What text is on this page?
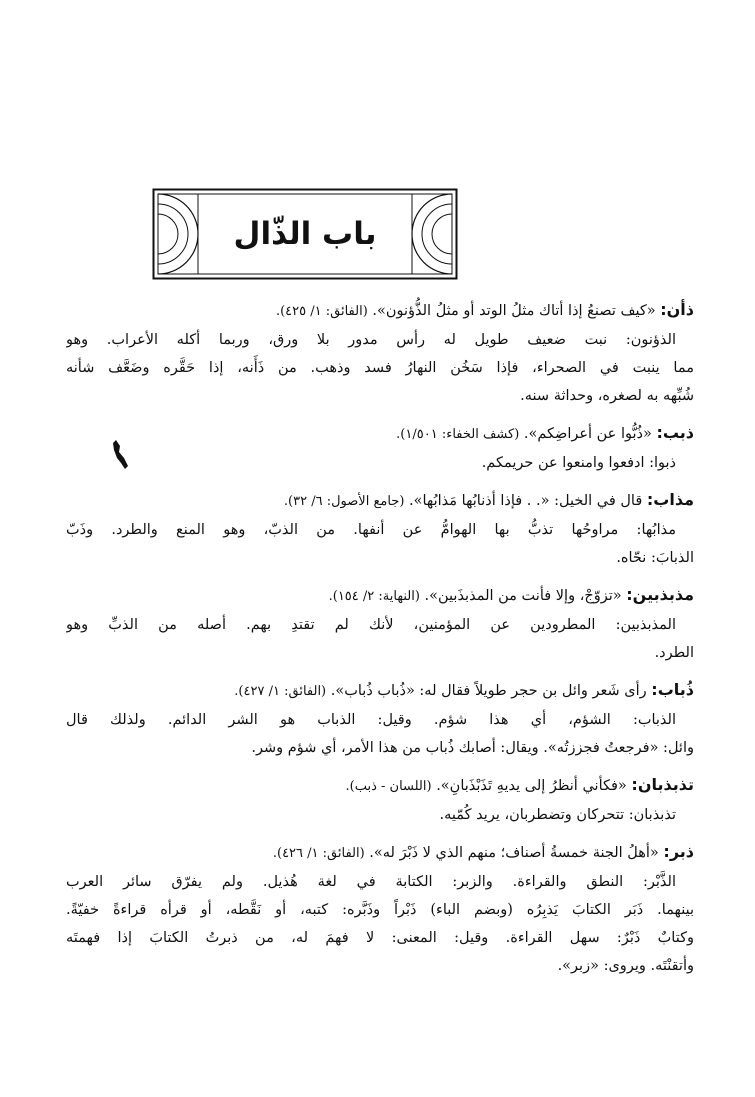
باب الذّال
ذأن: «كيف تصنعُ إذا أتاك مثلُ الوتد أو مثلُ الذُّؤنون». (الفائق: ١/ ٤٢٥).
الذؤنون: نبت ضعيف طويل له رأس مدور بلا ورق، وربما أكله الأعراب. وهو
مما ينبت في الصحراء، فإذا سَخُن النهارُ فسد وذهب. من ذَأَنه، إذا حَقَّره وضَعَّف شأنه
شُبِّهه به لصغره، وحداثة سنه.
ذبب: «ذُبُّوا عن أعراضِكم». (كشف الخفاء: ١/٥٠١).
ذبوا: ادفعوا وامنعوا عن حريمكم.
مذاب: قال في الخيل: «. . فإذا أذنابُها مَذابُها». (جامع الأصول: ٦/ ٣٢).
مذابُها: مراوحُها تذبُّ بها الهوامُّ عن أنفها. من الذبّ، وهو المنع والطرد. وذَبّ
الذبابَ: نحّاه.
مذبذبين: «تزوّجْ، وإلا فأنت من المذبذَبين». (النهاية: ٢/ ١٥٤).
المذبذبين: المطرودين عن المؤمنين، لأنك لم تقتدِ بهم. أصله من الذبِّ وهو
الطرد.
ذُباب: رأى شَعر وائل بن حجر طويلاً فقال له: «ذُباب ذُباب». (الفائق: ١/ ٤٢٧).
الذباب: الشؤم، أي هذا شؤم. وقيل: الذباب هو الشر الدائم. ولذلك قال
وائل: «فرجعتُ فجززتُه». ويقال: أصابك ذُباب من هذا الأمر، أي شؤم وشر.
تذبذبان: «فكأني أنظرُ إلى يديهِ تَذَبْذَبانِ». (اللسان - ذبب).
تذبذبان: تتحركان وتضطربان، يريد كُمّيه.
ذبر: «أهلُ الجنة خمسةُ أصناف؛ منهم الذي لا ذَبْرَ له». (الفائق: ١/ ٤٢٦).
الذَّبْر: النطق والقراءة. والزبر: الكتابة في لغة هُذيل. ولم يفرّق سائر العرب
بينهما. ذَبَر الكتابَ يَذبِرُه (وبضم الباء) ذَبْراً وذَبَّره: كتبه، أو نَقَّطه، أو قرأه قراءةً خفيّةً.
وكتابٌ ذَبْرٌ: سهل القراءة. وقيل: المعنى: لا فهمَ له، من ذبرتُ الكتابَ إذا فهمتَه
وأتقنْتَه. ويروى: «زبر».
